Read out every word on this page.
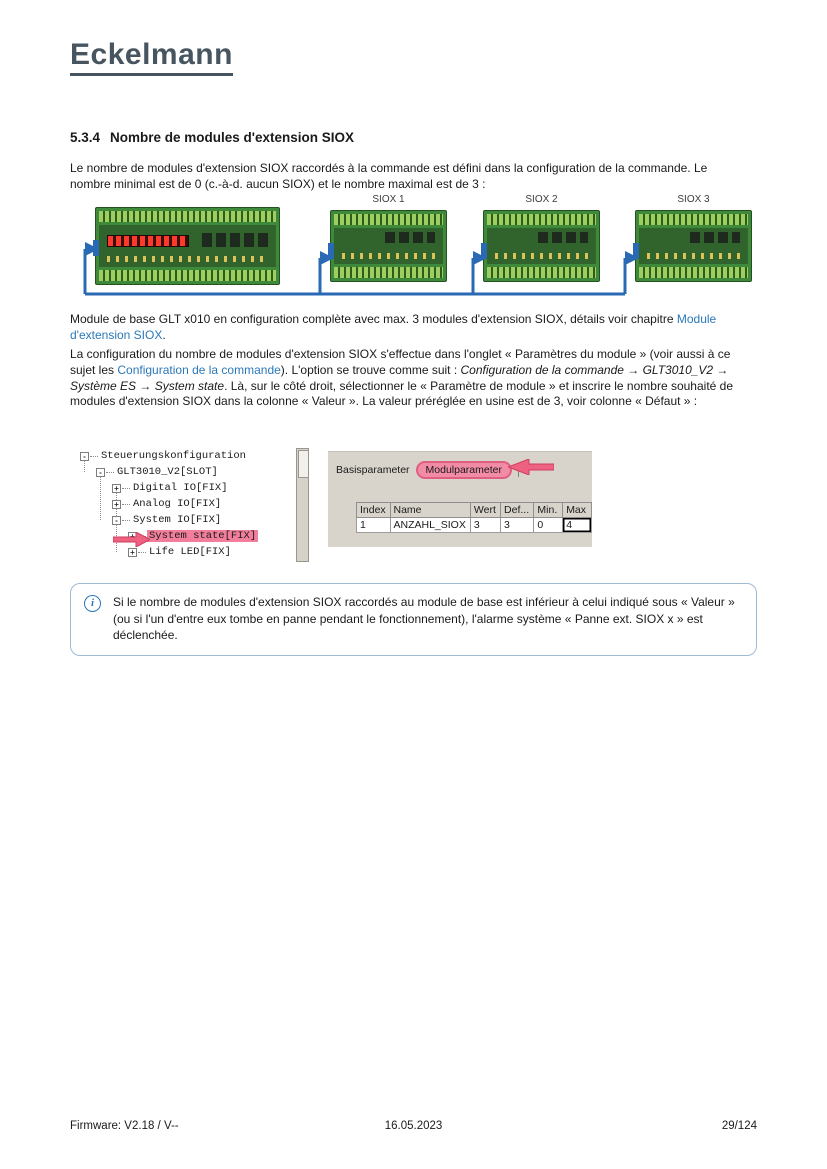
Eckelmann
5.3.4 Nombre de modules d'extension SIOX

Le nombre de modules d'extension SIOX raccordés à la commande est défini dans la configuration de la commande. Le nombre minimal est de 0 (c.-à-d. aucun SIOX) et le nombre maximal est de 3 :

SIOX 1	SIOX 2	SIOX 3

Module de base GLT x010 en configuration complète avec max. 3 modules d'extension SIOX, détails voir chapitre Module d'extension SIOX.

La configuration du nombre de modules d'extension SIOX s'effectue dans l'onglet « Paramètres du module » (voir aussi à ce sujet les Configuration de la commande). L'option se trouve comme suit : Configuration de la commande → GLT3010_V2 → Système ES → System state. Là, sur le côté droit, sélectionner le « Paramètre de module » et inscrire le nombre souhaité de modules d'extension SIOX dans la colonne « Valeur ». La valeur préréglée en usine est de 3, voir colonne « Défaut » :

-	Steuerungskonfiguration
-	GLT3010_V2[SLOT]
+ Digital IO[FIX]
+ Analog IO[FIX]
-	System IO[FIX]
+ System state[FIX]
+ Life LED[FIX]
Basisparameter	Modulparameter
Index	Name	Wert	Def...	Min.	Max
1	ANZAHL_SIOX	3	3	0	4
i	Si le nombre de modules d'extension SIOX raccordés au module de base est inférieur à celui indiqué sous « Valeur » (ou si l'un d'entre eux tombe en panne pendant le fonctionnement), l'alarme système « Panne ext. SIOX x » est déclenchée.
Firmware: V2.18 / V--	16.05.2023	29/124
